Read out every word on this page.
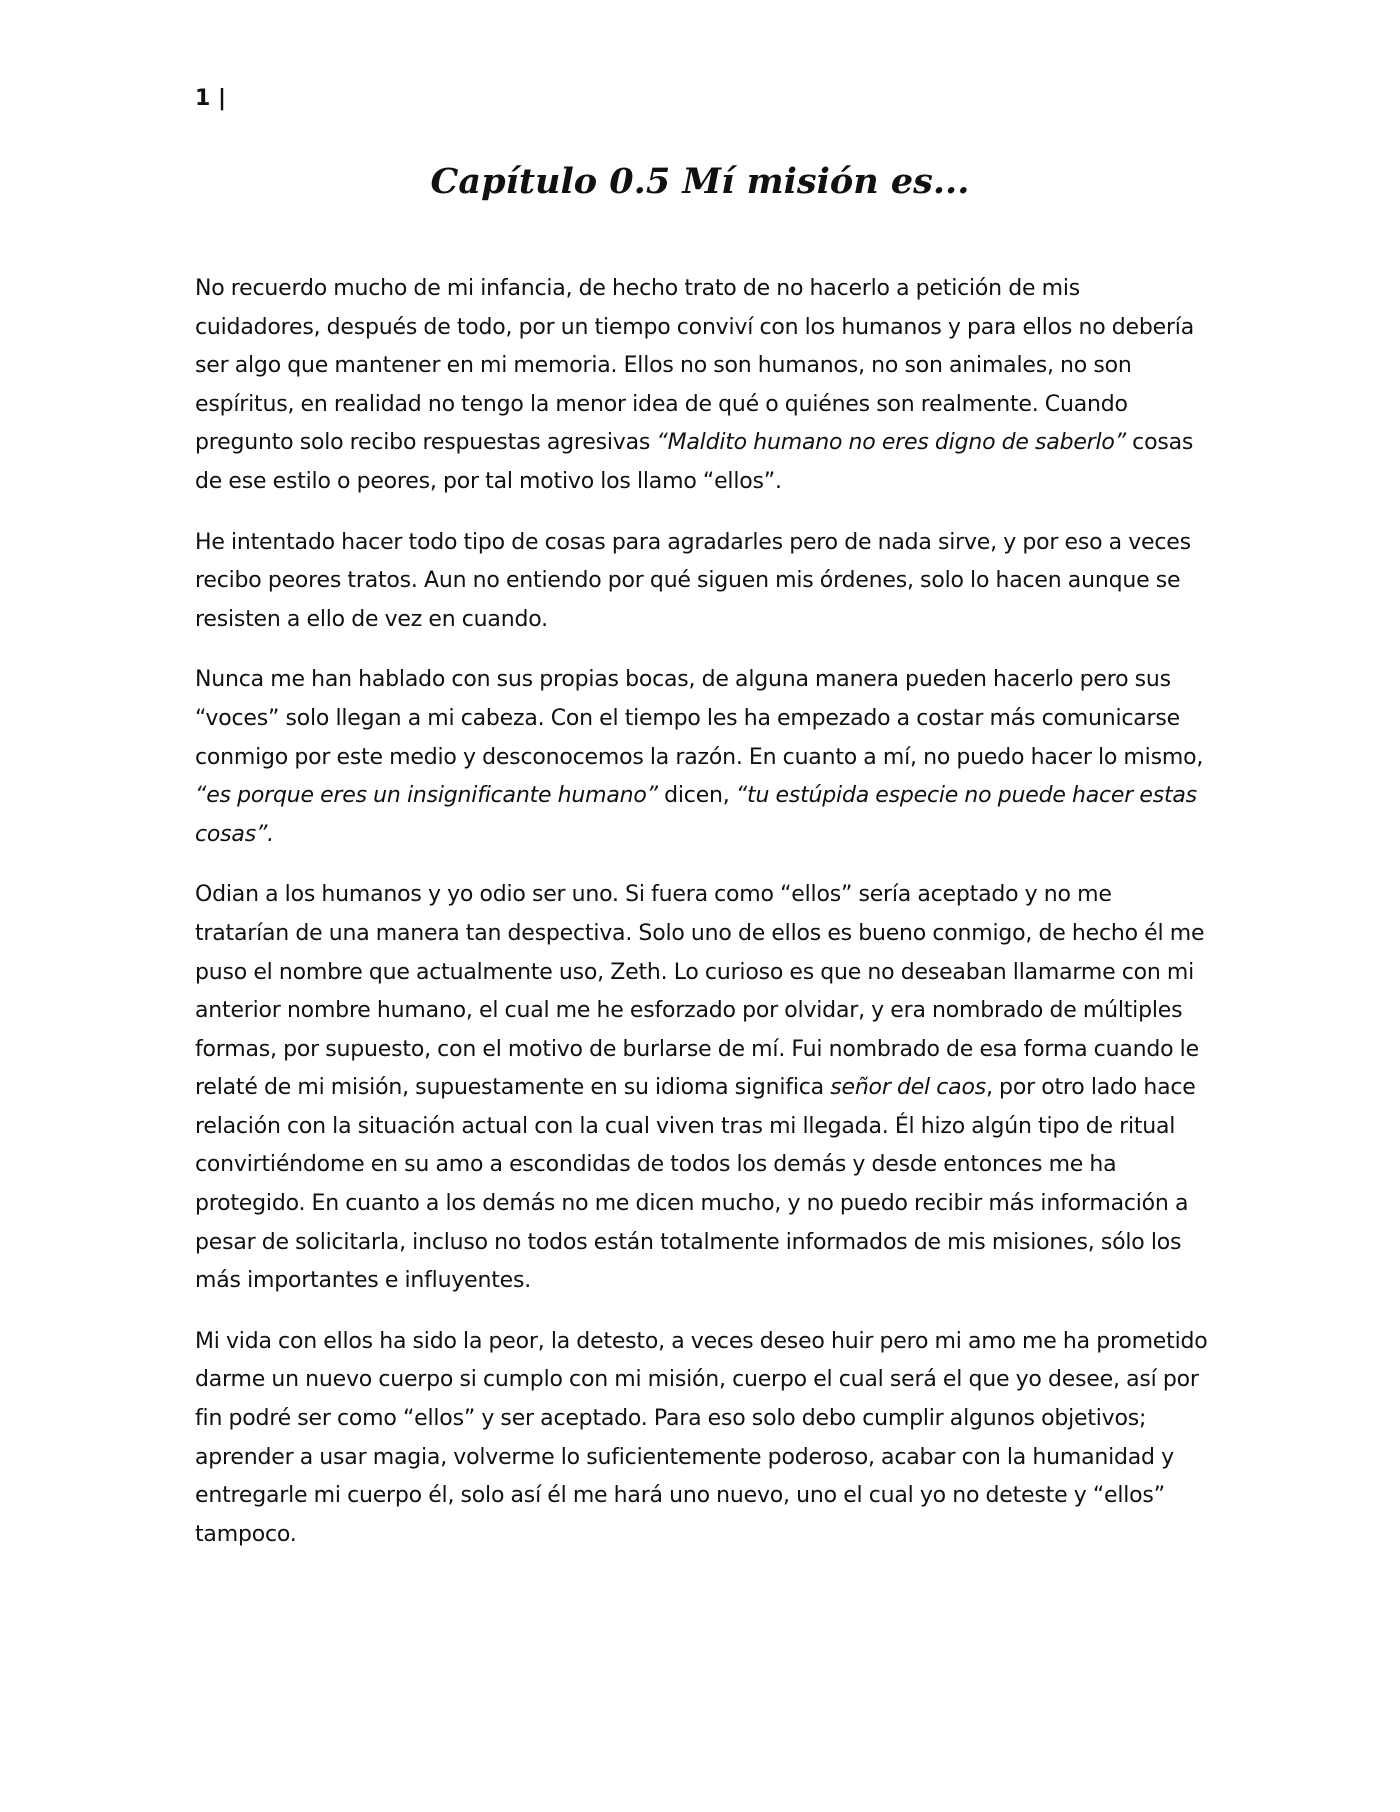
1 |

Capítulo 0.5 Mí misión es...

No recuerdo mucho de mi infancia, de hecho trato de no hacerlo a petición de mis cuidadores, después de todo, por un tiempo conviví con los humanos y para ellos no debería ser algo que mantener en mi memoria. Ellos no son humanos, no son animales, no son espíritus, en realidad no tengo la menor idea de qué o quiénes son realmente. Cuando pregunto solo recibo respuestas agresivas “Maldito humano no eres digno de saberlo” cosas de ese estilo o peores, por tal motivo los llamo “ellos”.

He intentado hacer todo tipo de cosas para agradarles pero de nada sirve, y por eso a veces recibo peores tratos. Aun no entiendo por qué siguen mis órdenes, solo lo hacen aunque se resisten a ello de vez en cuando.

Nunca me han hablado con sus propias bocas, de alguna manera pueden hacerlo pero sus “voces” solo llegan a mi cabeza. Con el tiempo les ha empezado a costar más comunicarse conmigo por este medio y desconocemos la razón. En cuanto a mí, no puedo hacer lo mismo, “es porque eres un insignificante humano” dicen, “tu estúpida especie no puede hacer estas cosas”.

Odian a los humanos y yo odio ser uno. Si fuera como “ellos” sería aceptado y no me tratarían de una manera tan despectiva. Solo uno de ellos es bueno conmigo, de hecho él me puso el nombre que actualmente uso, Zeth. Lo curioso es que no deseaban llamarme con mi anterior nombre humano, el cual me he esforzado por olvidar, y era nombrado de múltiples formas, por supuesto, con el motivo de burlarse de mí. Fui nombrado de esa forma cuando le relaté de mi misión, supuestamente en su idioma significa señor del caos, por otro lado hace relación con la situación actual con la cual viven tras mi llegada. Él hizo algún tipo de ritual convirtiéndome en su amo a escondidas de todos los demás y desde entonces me ha protegido. En cuanto a los demás no me dicen mucho, y no puedo recibir más información a pesar de solicitarla, incluso no todos están totalmente informados de mis misiones, sólo los más importantes e influyentes.

Mi vida con ellos ha sido la peor, la detesto, a veces deseo huir pero mi amo me ha prometido darme un nuevo cuerpo si cumplo con mi misión, cuerpo el cual será el que yo desee, así por fin podré ser como “ellos” y ser aceptado. Para eso solo debo cumplir algunos objetivos; aprender a usar magia, volverme lo suficientemente poderoso, acabar con la humanidad y entregarle mi cuerpo él, solo así él me hará uno nuevo, uno el cual yo no deteste y “ellos” tampoco.
